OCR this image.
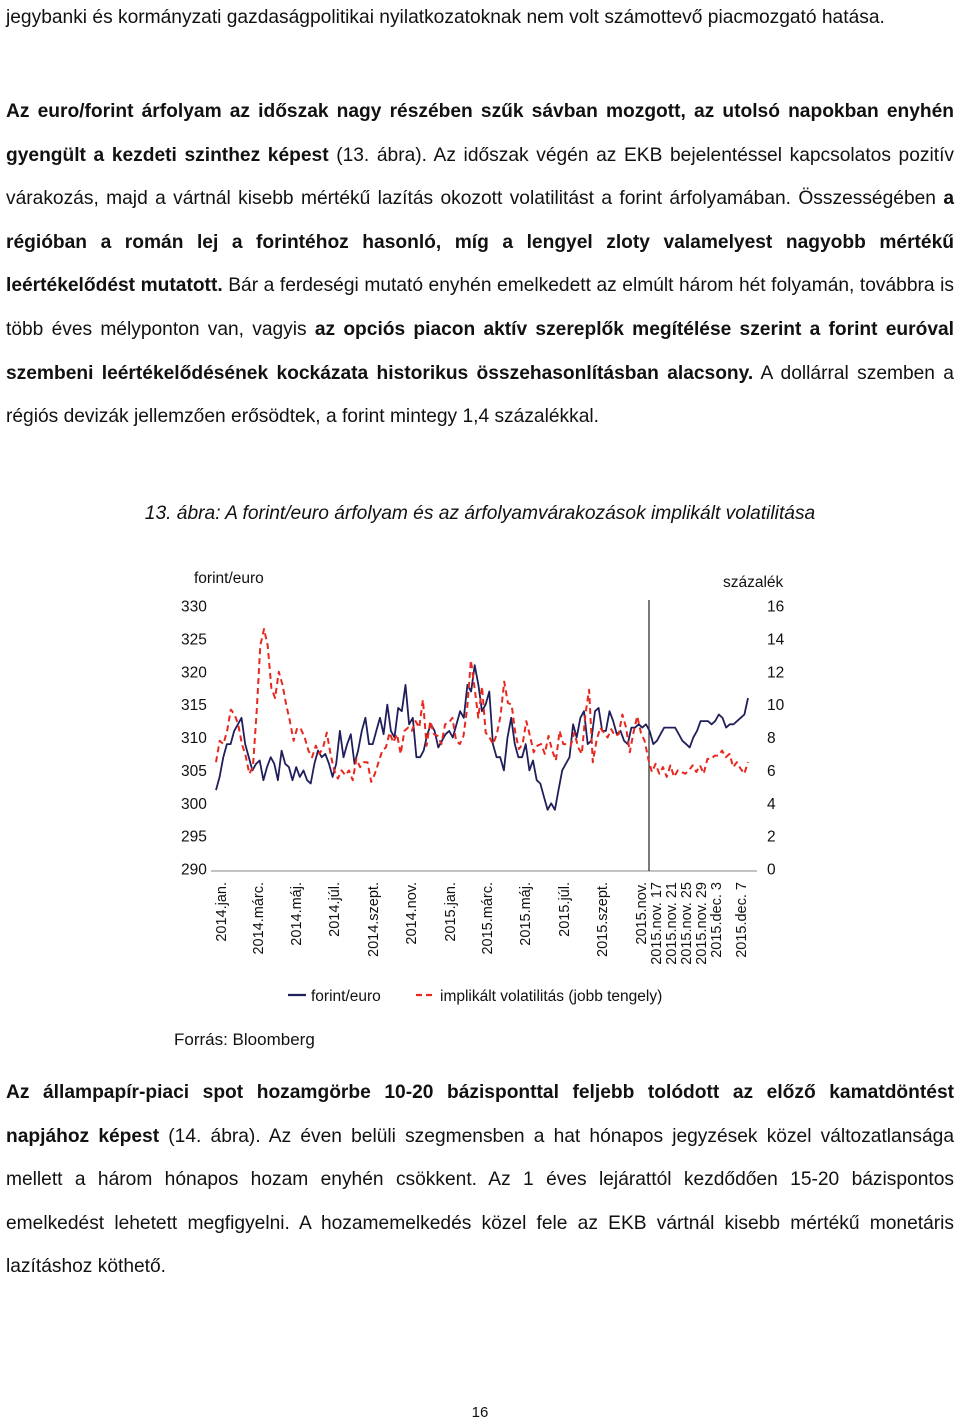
jegybanki és kormányzati gazdaságpolitikai nyilatkozatoknak nem volt számottevő piacmozgató hatása.

Az euro/forint árfolyam az időszak nagy részében szűk sávban mozgott, az utolsó napokban enyhén gyengült a kezdeti szinthez képest (13. ábra). Az időszak végén az EKB bejelentéssel kapcsolatos pozitív várakozás, majd a vártnál kisebb mértékű lazítás okozott volatilitást a forint árfolyamában. Összességében a régióban a román lej a forintéhoz hasonló, míg a lengyel zloty valamelyest nagyobb mértékű leértékelődést mutatott. Bár a ferdeségi mutató enyhén emelkedett az elmúlt három hét folyamán, továbbra is több éves mélyponton van, vagyis az opciós piacon aktív szereplők megítélése szerint a forint euróval szembeni leértékelődésének kockázata historikus összehasonlításban alacsony. A dollárral szemben a régiós devizák jellemzően erősödtek, a forint mintegy 1,4 százalékkal.

13. ábra: A forint/euro árfolyam és az árfolyamvárakozások implikált volatilitása
forint/euro	százalék
330
325
320
315
310
305
300
295
290
16
14
12
10
8
6
4
2
0
2014.jan. 2014.márc. 2014.máj. 2014.júl. 2014.szept. 2014.nov. 2015.jan. 2015.márc. 2015.máj. 2015.júl. 2015.szept. 2015.nov. 2015.nov. 17 2015.nov. 21 2015.nov. 25 2015.nov. 29 2015.dec. 3 2015.dec. 7
forint/euro	implikált volatilitás (jobb tengely)
Forrás: Bloomberg

Az állampapír-piaci spot hozamgörbe 10-20 bázisponttal feljebb tolódott az előző kamatdöntést napjához képest (14. ábra). Az éven belüli szegmensben a hat hónapos jegyzések közel változatlansága mellett a három hónapos hozam enyhén csökkent. Az 1 éves lejárattól kezdődően 15-20 bázispontos emelkedést lehetett megfigyelni. A hozamemelkedés közel fele az EKB vártnál kisebb mértékű monetáris lazításhoz köthető.

16
